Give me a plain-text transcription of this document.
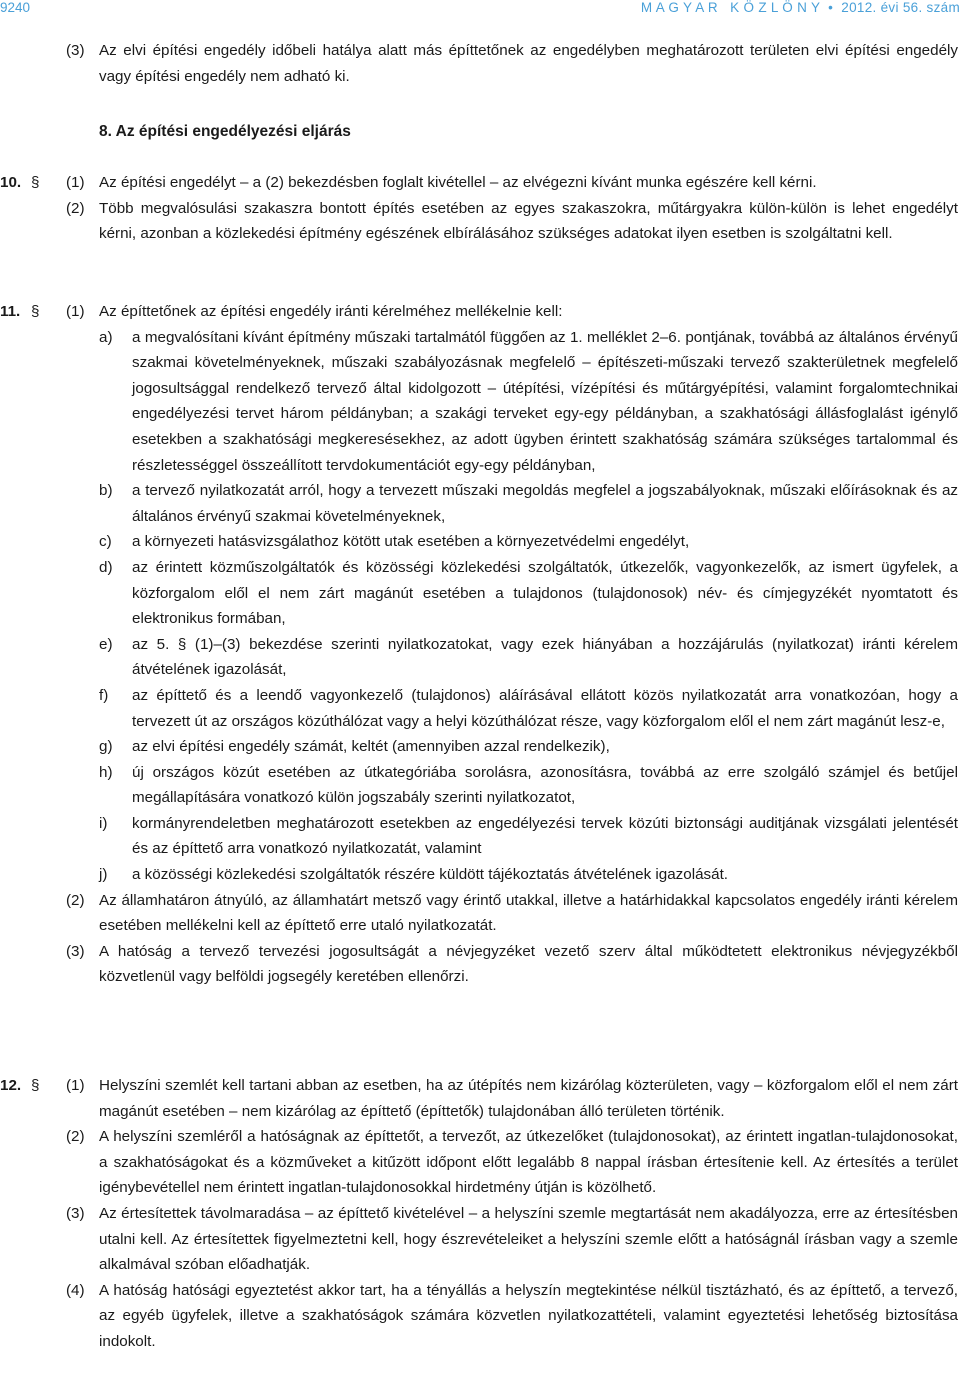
9240	M A G Y A R   K Ö Z L Ö N Y  •  2012. évi 56. szám
(3) Az elvi építési engedély időbeli hatálya alatt más építtetőnek az engedélyben meghatározott területen elvi építési engedély vagy építési engedély nem adható ki.
8. Az építési engedélyezési eljárás
10. § (1) Az építési engedélyt – a (2) bekezdésben foglalt kivétellel – az elvégezni kívánt munka egészére kell kérni.
(2) Több megvalósulási szakaszra bontott építés esetében az egyes szakaszokra, műtárgyakra külön-külön is lehet engedélyt kérni, azonban a közlekedési építmény egészének elbírálásához szükséges adatokat ilyen esetben is szolgáltatni kell.
11. § (1) Az építtetőnek az építési engedély iránti kérelméhez mellékelnie kell:
a) a megvalósítani kívánt építmény műszaki tartalmától függően az 1. melléklet 2–6. pontjának, továbbá az általános érvényű szakmai követelményeknek, műszaki szabályozásnak megfelelő – építészeti-műszaki tervező szakterületnek megfelelő jogosultsággal rendelkező tervező által kidolgozott – útépítési, vízépítési és műtárgyépítési, valamint forgalomtechnikai engedélyezési tervet három példányban; a szakági terveket egy-egy példányban, a szakhatósági állásfoglalást igénylő esetekben a szakhatósági megkeresésekhez, az adott ügyben érintett szakhatóság számára szükséges tartalommal és részletességgel összeállított tervdokumentációt egy-egy példányban,
b) a tervező nyilatkozatát arról, hogy a tervezett műszaki megoldás megfelel a jogszabályoknak, műszaki előírásoknak és az általános érvényű szakmai követelményeknek,
c) a környezeti hatásvizsgálathoz kötött utak esetében a környezetvédelmi engedélyt,
d) az érintett közműszolgáltatók és közösségi közlekedési szolgáltatók, útkezelők, vagyonkezelők, az ismert ügyfelek, a közforgalom elől el nem zárt magánút esetében a tulajdonos (tulajdonosok) név- és címjegyzékét nyomtatott és elektronikus formában,
e) az 5. § (1)–(3) bekezdése szerinti nyilatkozatokat, vagy ezek hiányában a hozzájárulás (nyilatkozat) iránti kérelem átvételének igazolását,
f) az építtető és a leendő vagyonkezelő (tulajdonos) aláírásával ellátott közös nyilatkozatát arra vonatkozóan, hogy a tervezett út az országos közúthálózat vagy a helyi közúthálózat része, vagy közforgalom elől el nem zárt magánút lesz-e,
g) az elvi építési engedély számát, keltét (amennyiben azzal rendelkezik),
h) új országos közút esetében az útkategóriába sorolásra, azonosításra, továbbá az erre szolgáló számjel és betűjel megállapítására vonatkozó külön jogszabály szerinti nyilatkozatot,
i) kormányrendeletben meghatározott esetekben az engedélyezési tervek közúti biztonsági auditjának vizsgálati jelentését és az építtető arra vonatkozó nyilatkozatát, valamint
j) a közösségi közlekedési szolgáltatók részére küldött tájékoztatás átvételének igazolását.
(2) Az államhatáron átnyúló, az államhatárt metsző vagy érintő utakkal, illetve a határhidakkal kapcsolatos engedély iránti kérelem esetében mellékelni kell az építtető erre utaló nyilatkozatát.
(3) A hatóság a tervező tervezési jogosultságát a névjegyzéket vezető szerv által működtetett elektronikus névjegyzékből közvetlenül vagy belföldi jogsegély keretében ellenőrzi.
12. § (1) Helyszíni szemlét kell tartani abban az esetben, ha az útépítés nem kizárólag közterületen, vagy – közforgalom elől el nem zárt magánút esetében – nem kizárólag az építtető (építtetők) tulajdonában álló területen történik.
(2) A helyszíni szemléről a hatóságnak az építtetőt, a tervezőt, az útkezelőket (tulajdonosokat), az érintett ingatlan-tulajdonosokat, a szakhatóságokat és a közműveket a kitűzött időpont előtt legalább 8 nappal írásban értesítenie kell. Az értesítés a terület igénybevétellel nem érintett ingatlan-tulajdonosokkal hirdetmény útján is közölhető.
(3) Az értesítettek távolmaradása – az építtető kivételével – a helyszíni szemle megtartását nem akadályozza, erre az értesítésben utalni kell. Az értesítettek figyelmeztetni kell, hogy észrevételeiket a helyszíni szemle előtt a hatóságnál írásban vagy a szemle alkalmával szóban előadhatják.
(4) A hatóság hatósági egyeztetést akkor tart, ha a tényállás a helyszín megtekintése nélkül tisztázható, és az építtető, a tervező, az egyéb ügyfelek, illetve a szakhatóságok számára közvetlen nyilatkozattételi, valamint egyeztetési lehetőség biztosítása indokolt.
